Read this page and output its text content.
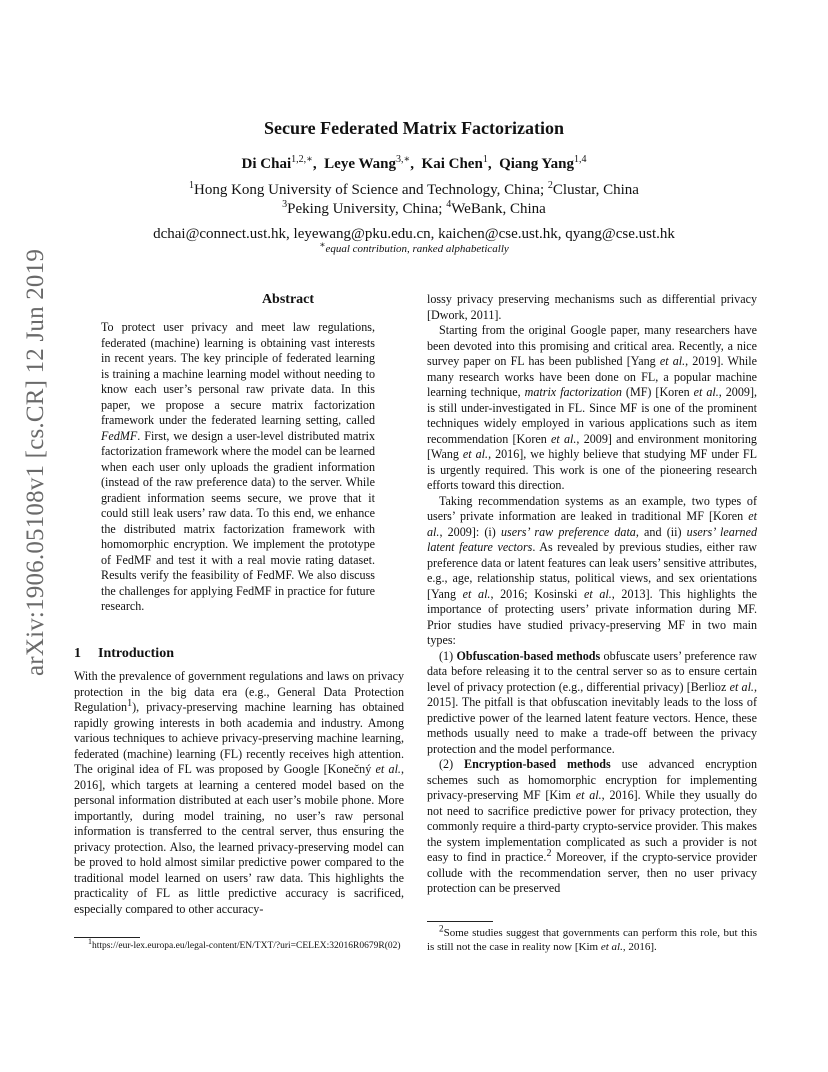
arXiv:1906.05108v1 [cs.CR] 12 Jun 2019
Secure Federated Matrix Factorization
Di Chai$^{1,2,∗}$,  Leye Wang$^{3,∗}$,  Kai Chen$^1$,  Qiang Yang$^{1,4}$
$^1$Hong Kong University of Science and Technology, China; $^2$Clustar, China
$^3$Peking University, China; $^4$WeBank, China
dchai@connect.ust.hk, leyewang@pku.edu.cn, kaichen@cse.ust.hk, qyang@cse.ust.hk
∗equal contribution, ranked alphabetically
Abstract

To protect user privacy and meet law regulations, federated (machine) learning is obtaining vast interests in recent years. The key principle of federated learning is training a machine learning model without needing to know each user’s personal raw private data. In this paper, we propose a secure matrix factorization framework under the federated learning setting, called FedMF. First, we design a user-level distributed matrix factorization framework where the model can be learned when each user only uploads the gradient information (instead of the raw preference data) to the server. While gradient information seems secure, we prove that it could still leak users’ raw data. To this end, we enhance the distributed matrix factorization framework with homomorphic encryption. We implement the prototype of FedMF and test it with a real movie rating dataset. Results verify the feasibility of FedMF. We also discuss the challenges for applying FedMF in practice for future research.

1 Introduction

With the prevalence of government regulations and laws on privacy protection in the big data era (e.g., General Data Protection Regulation$^1$), privacy-preserving machine learning has obtained rapidly growing interests in both academia and industry. Among various techniques to achieve privacy-preserving machine learning, federated (machine) learning (FL) recently receives high attention. The original idea of FL was proposed by Google [Konečný et al., 2016], which targets at learning a centered model based on the personal information distributed at each user’s mobile phone. More importantly, during model training, no user’s raw personal information is transferred to the central server, thus ensuring the privacy protection. Also, the learned privacy-preserving model can be proved to hold almost similar predictive power compared to the traditional model learned on users’ raw data. This highlights the practicality of FL as little predictive accuracy is sacrificed, especially compared to other accuracy-

lossy privacy preserving mechanisms such as differential privacy [Dwork, 2011].

Starting from the original Google paper, many researchers have been devoted into this promising and critical area. Recently, a nice survey paper on FL has been published [Yang et al., 2019]. While many research works have been done on FL, a popular machine learning technique, matrix factorization (MF) [Koren et al., 2009], is still under-investigated in FL. Since MF is one of the prominent techniques widely employed in various applications such as item recommendation [Koren et al., 2009] and environment monitoring [Wang et al., 2016], we highly believe that studying MF under FL is urgently required. This work is one of the pioneering research efforts toward this direction.

Taking recommendation systems as an example, two types of users’ private information are leaked in traditional MF [Koren et al., 2009]: (i) users’ raw preference data, and (ii) users’ learned latent feature vectors. As revealed by previous studies, either raw preference data or latent features can leak users’ sensitive attributes, e.g., age, relationship status, political views, and sex orientations [Yang et al., 2016; Kosinski et al., 2013]. This highlights the importance of protecting users’ private information during MF. Prior studies have studied privacy-preserving MF in two main types:

(1) Obfuscation-based methods obfuscate users’ preference raw data before releasing it to the central server so as to ensure certain level of privacy protection (e.g., differential privacy) [Berlioz et al., 2015]. The pitfall is that obfuscation inevitably leads to the loss of predictive power of the learned latent feature vectors. Hence, these methods usually need to make a trade-off between the privacy protection and the model performance.

(2) Encryption-based methods use advanced encryption schemes such as homomorphic encryption for implementing privacy-preserving MF [Kim et al., 2016]. While they usually do not need to sacrifice predictive power for privacy protection, they commonly require a third-party crypto-service provider. This makes the system implementation complicated as such a provider is not easy to find in practice.$^2$ Moreover, if the crypto-service provider collude with the recommendation server, then no user privacy protection can be preserved

$^1$https://eur-lex.europa.eu/legal-content/EN/TXT/?uri=CELEX:32016R0679R(02)
$^2$Some studies suggest that governments can perform this role, but this is still not the case in reality now [Kim et al., 2016].
